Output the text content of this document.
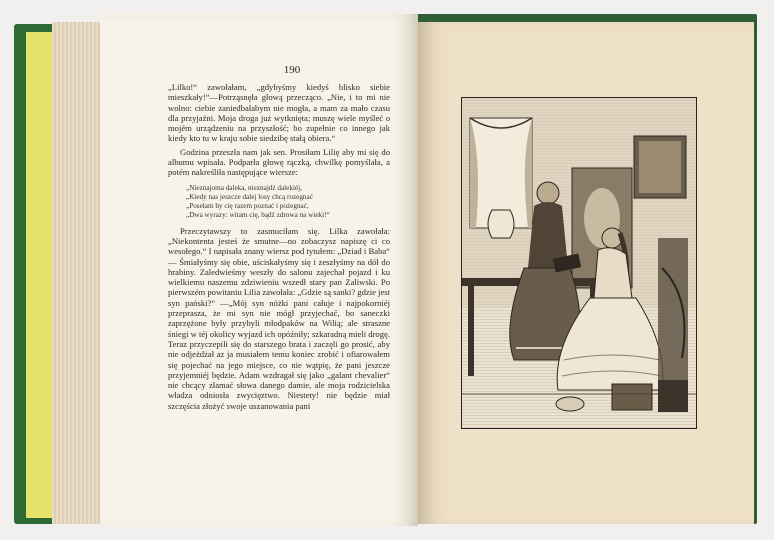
190

„Lilko!“ zawołałam, „gdybyśmy kiedyś blisko siebie mieszkały!“—Potrząsnęła głową przecząco. „Nie, i to mi nie wolno: ciebie zaniedbałabym nie mogła, a mam za mało czasu dla przyjaźni. Moja droga już wytknięta; muszę wiele myśleć o mojém urządzeniu na przyszłość; bo zupełnie co innego jak kiedy kto tu w kraju sobie siedzibę stałą obiera.“

Godzina przeszła nam jak sen. Prosiłam Lilię aby mi się do albumu wpisała. Podparła głowę rączką, chwilkę pomyślała, a potém nakreśliła następujące wiersze:

„Nieznajoma daleka, nieznajdź dalekiéj,
„Kiedy nas jeszcze dalej losy chcą rozegnać
„Posełam by cię razem poznać i pożegnać,
„Dwa wyrazy: witam cię, bądź zdrowa na wieki!“

Przeczytawszy to zasmuciłam się. Lilka zawołała: „Niekontenta jesteś że smutne—no zobaczysz napiszę ci co wesołego.“ I napisała znany wiersz pod tytułem: „Dziad i Baba“ — Śmiałyśmy się obie, uściskałyśmy się i zeszłyśmy na dół do hrabiny. Zaledwieśmy weszły do salonu zajechał pojazd i ku wielkiemu naszemu zdziwieniu wszedł stary pan Zaliwski. Po pierwszém powitaniu Lilia zawołała: „Gdzie są sanki? gdzie jest syn pański?“ —„Mój syn nóżki pani całuje i najpokorniéj przeprasza, że mi syn nie mógł przyjechać, bo saneczki zaprzężone były przybyli młodpaków na Wilią; ale straszne śniegi w téj okolicy wyjazd ich opóźniły; szkaradną mieli drogę. Teraz przyczepili się do starszego brata i zaczęli go prosić, aby nie odjeżdżał az ja musiałem temu koniec zrobić i ofiarowałem się pojechać na jego miejsce, co nie wątpię, że pani jeszcze przyjemniéj będzie. Adam wzdragał się jako „galant chevalier“ nie chcący złamać słowa danego damie, ale moja rodzicielska władza odniosła zwycięztwo. Niestety! nie będzie miał szczęścia złożyć swoje uszanowania pani
